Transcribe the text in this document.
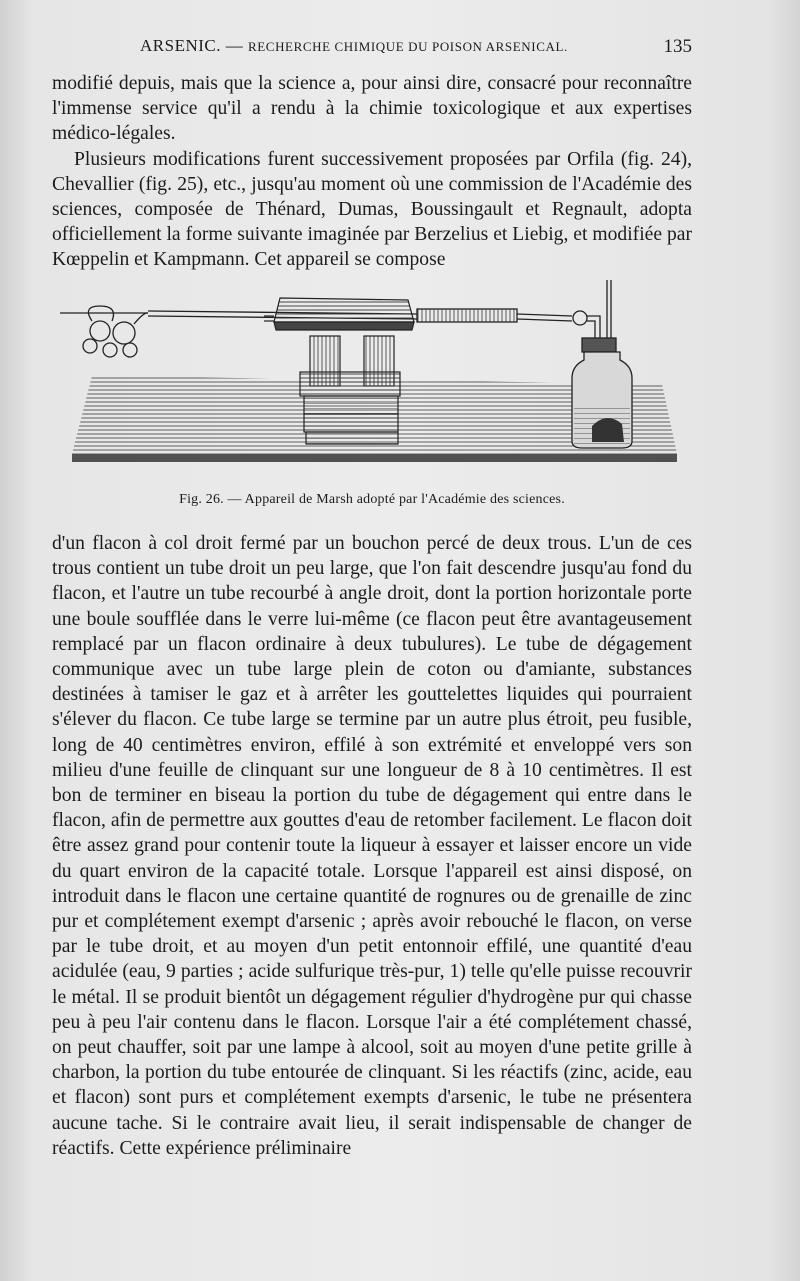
ARSENIC. — RECHERCHE CHIMIQUE DU POISON ARSENICAL.	135

modifié depuis, mais que la science a, pour ainsi dire, consacré pour reconnaître l'immense service qu'il a rendu à la chimie toxicologique et aux expertises médico-légales.

Plusieurs modifications furent successivement proposées par Orfila (fig. 24), Chevallier (fig. 25), etc., jusqu'au moment où une commission de l'Académie des sciences, composée de Thénard, Dumas, Boussingault et Regnault, adopta officiellement la forme suivante imaginée par Berzelius et Liebig, et modifiée par Kœppelin et Kampmann. Cet appareil se compose

Fig. 26. — Appareil de Marsh adopté par l'Académie des sciences.

d'un flacon à col droit fermé par un bouchon percé de deux trous. L'un de ces trous contient un tube droit un peu large, que l'on fait descendre jusqu'au fond du flacon, et l'autre un tube recourbé à angle droit, dont la portion horizontale porte une boule soufflée dans le verre lui-même (ce flacon peut être avantageusement remplacé par un flacon ordinaire à deux tubulures). Le tube de dégagement communique avec un tube large plein de coton ou d'amiante, substances destinées à tamiser le gaz et à arrêter les gouttelettes liquides qui pourraient s'élever du flacon. Ce tube large se termine par un autre plus étroit, peu fusible, long de 40 centimètres environ, effilé à son extrémité et enveloppé vers son milieu d'une feuille de clinquant sur une longueur de 8 à 10 centimètres. Il est bon de terminer en biseau la portion du tube de dégagement qui entre dans le flacon, afin de permettre aux gouttes d'eau de retomber facilement. Le flacon doit être assez grand pour contenir toute la liqueur à essayer et laisser encore un vide du quart environ de la capacité totale. Lorsque l'appareil est ainsi disposé, on introduit dans le flacon une certaine quantité de rognures ou de grenaille de zinc pur et complétement exempt d'arsenic ; après avoir rebouché le flacon, on verse par le tube droit, et au moyen d'un petit entonnoir effilé, une quantité d'eau acidulée (eau, 9 parties ; acide sulfurique très-pur, 1) telle qu'elle puisse recouvrir le métal. Il se produit bientôt un dégagement régulier d'hydrogène pur qui chasse peu à peu l'air contenu dans le flacon. Lorsque l'air a été complétement chassé, on peut chauffer, soit par une lampe à alcool, soit au moyen d'une petite grille à charbon, la portion du tube entourée de clinquant. Si les réactifs (zinc, acide, eau et flacon) sont purs et complétement exempts d'arsenic, le tube ne présentera aucune tache. Si le contraire avait lieu, il serait indispensable de changer de réactifs. Cette expérience préliminaire
